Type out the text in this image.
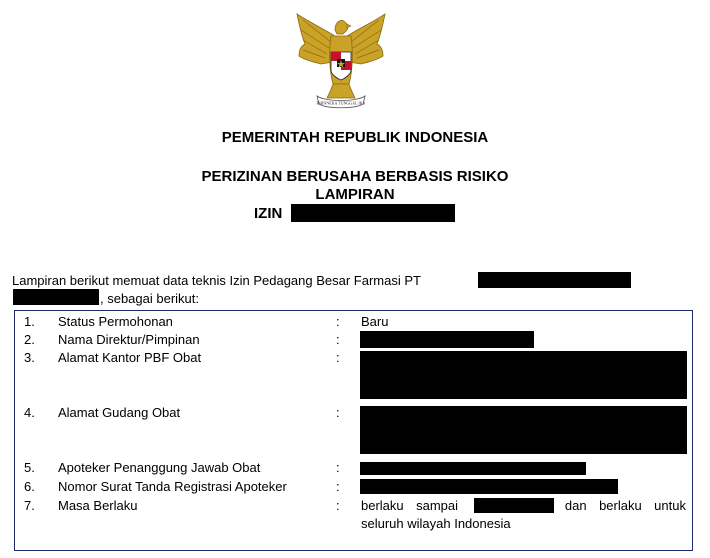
BHINNEKA TUNGGAL IKA
PEMERINTAH REPUBLIK INDONESIA
PERIZINAN BERUSAHA BERBASIS RISIKO
LAMPIRAN
IZIN
Lampiran berikut memuat data teknis Izin Pedagang Besar Farmasi PT
, sebagai berikut:
1. Status Permohonan	: Baru
2. Nama Direktur/Pimpinan	:
3. Alamat Kantor PBF Obat	:
4. Alamat Gudang Obat	:
5. Apoteker Penanggung Jawab Obat	:
6. Nomor Surat Tanda Registrasi Apoteker	:
7. Masa Berlaku	: berlaku sampai	dan berlaku untuk
seluruh wilayah Indonesia
